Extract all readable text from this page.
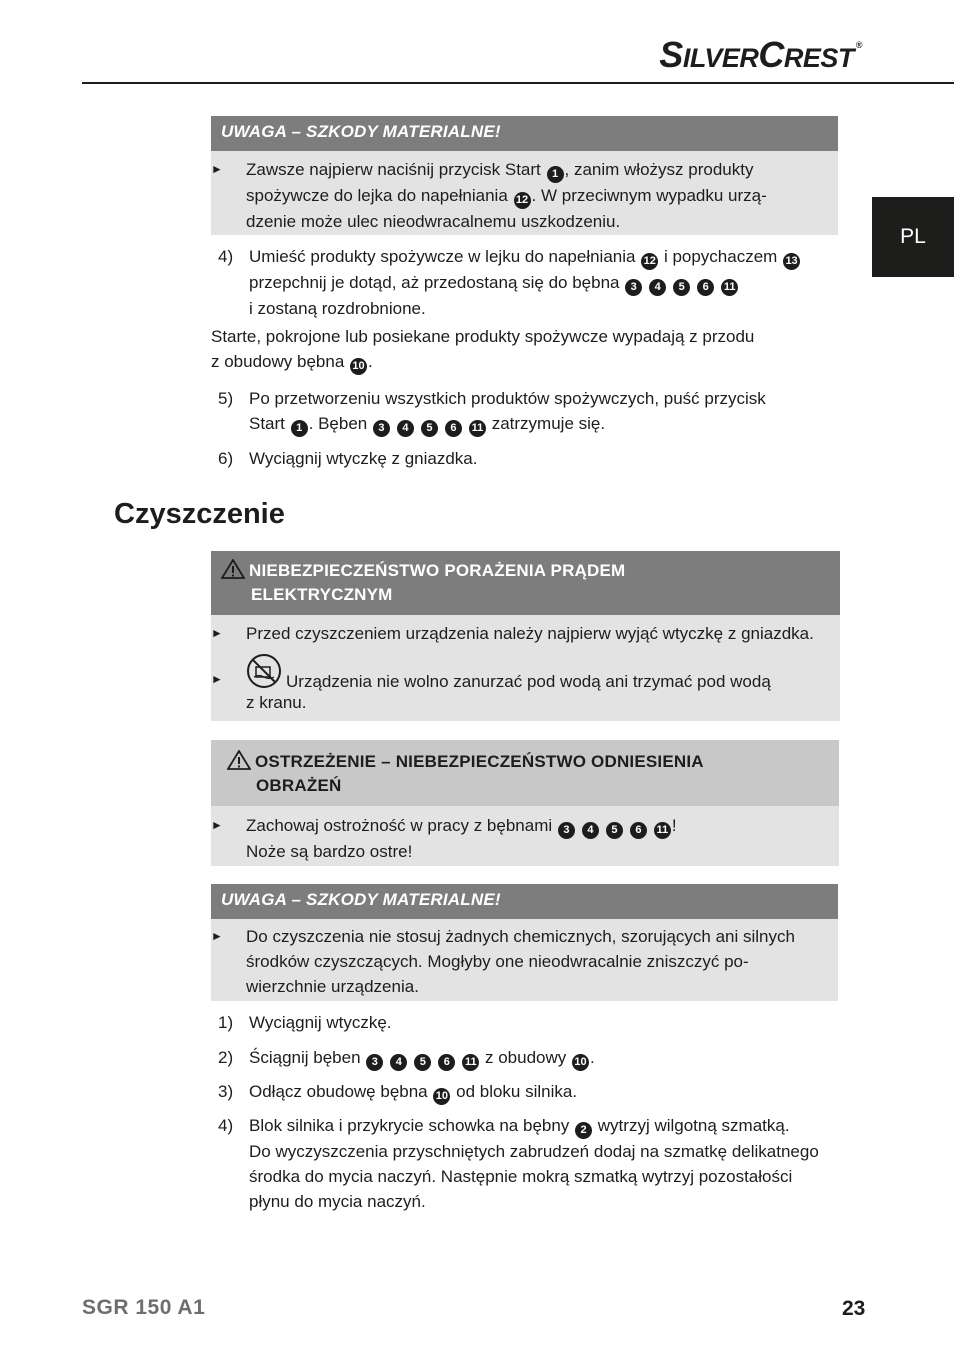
SILVERCREST ®
PL
UWAGA – SZKODY MATERIALNE!
► Zawsze najpierw naciśnij przycisk Start 1 , zanim włożysz produkty
spożywcze do lejka do napełniania 12 . W przeciwnym wypadku urzą-
dzenie może ulec nieodwracalnemu uszkodzeniu.
4) Umieść produkty spożywcze w lejku do napełniania 12 i popychaczem 13
przepchnij je dotąd, aż przedostaną się do bębna 3 4 5 6 11
i zostaną rozdrobnione.
Starte, pokrojone lub posiekane produkty spożywcze wypadają z przodu
z obudowy bębna 10 .
5) Po przetworzeniu wszystkich produktów spożywczych, puść przycisk
Start 1 . Bęben 3 4 5 6 11 zatrzymuje się.
6) Wyciągnij wtyczkę z gniazdka.
Czyszczenie
NIEBEZPIECZEŃSTWO PORAŻENIA PRĄDEM
ELEKTRYCZNYM
► Przed czyszczeniem urządzenia należy najpierw wyjąć wtyczkę z gniazdka.
►	Urządzenia nie wolno zanurzać pod wodą ani trzymać pod wodą
z kranu.
OSTRZEŻENIE – NIEBEZPIECZEŃSTWO ODNIESIENIA
OBRAŻEŃ
► Zachowaj ostrożność w pracy z bębnami 3 4 5 6 11 !
Noże są bardzo ostre!
UWAGA – SZKODY MATERIALNE!
► Do czyszczenia nie stosuj żadnych chemicznych, szorujących ani silnych
środków czyszczących. Mogłyby one nieodwracalnie zniszczyć po-
wierzchnie urządzenia.
1) Wyciągnij wtyczkę.
2) Ściągnij bęben 3 4 5 6 11 z obudowy 10 .
3) Odłącz obudowę bębna 10 od bloku silnika.
4) Blok silnika i przykrycie schowka na bębny 2 wytrzyj wilgotną szmatką.
Do wyczyszczenia przyschniętych zabrudzeń dodaj na szmatkę delikatnego
środka do mycia naczyń. Następnie mokrą szmatką wytrzyj pozostałości
płynu do mycia naczyń.
SGR 150 A1	23
